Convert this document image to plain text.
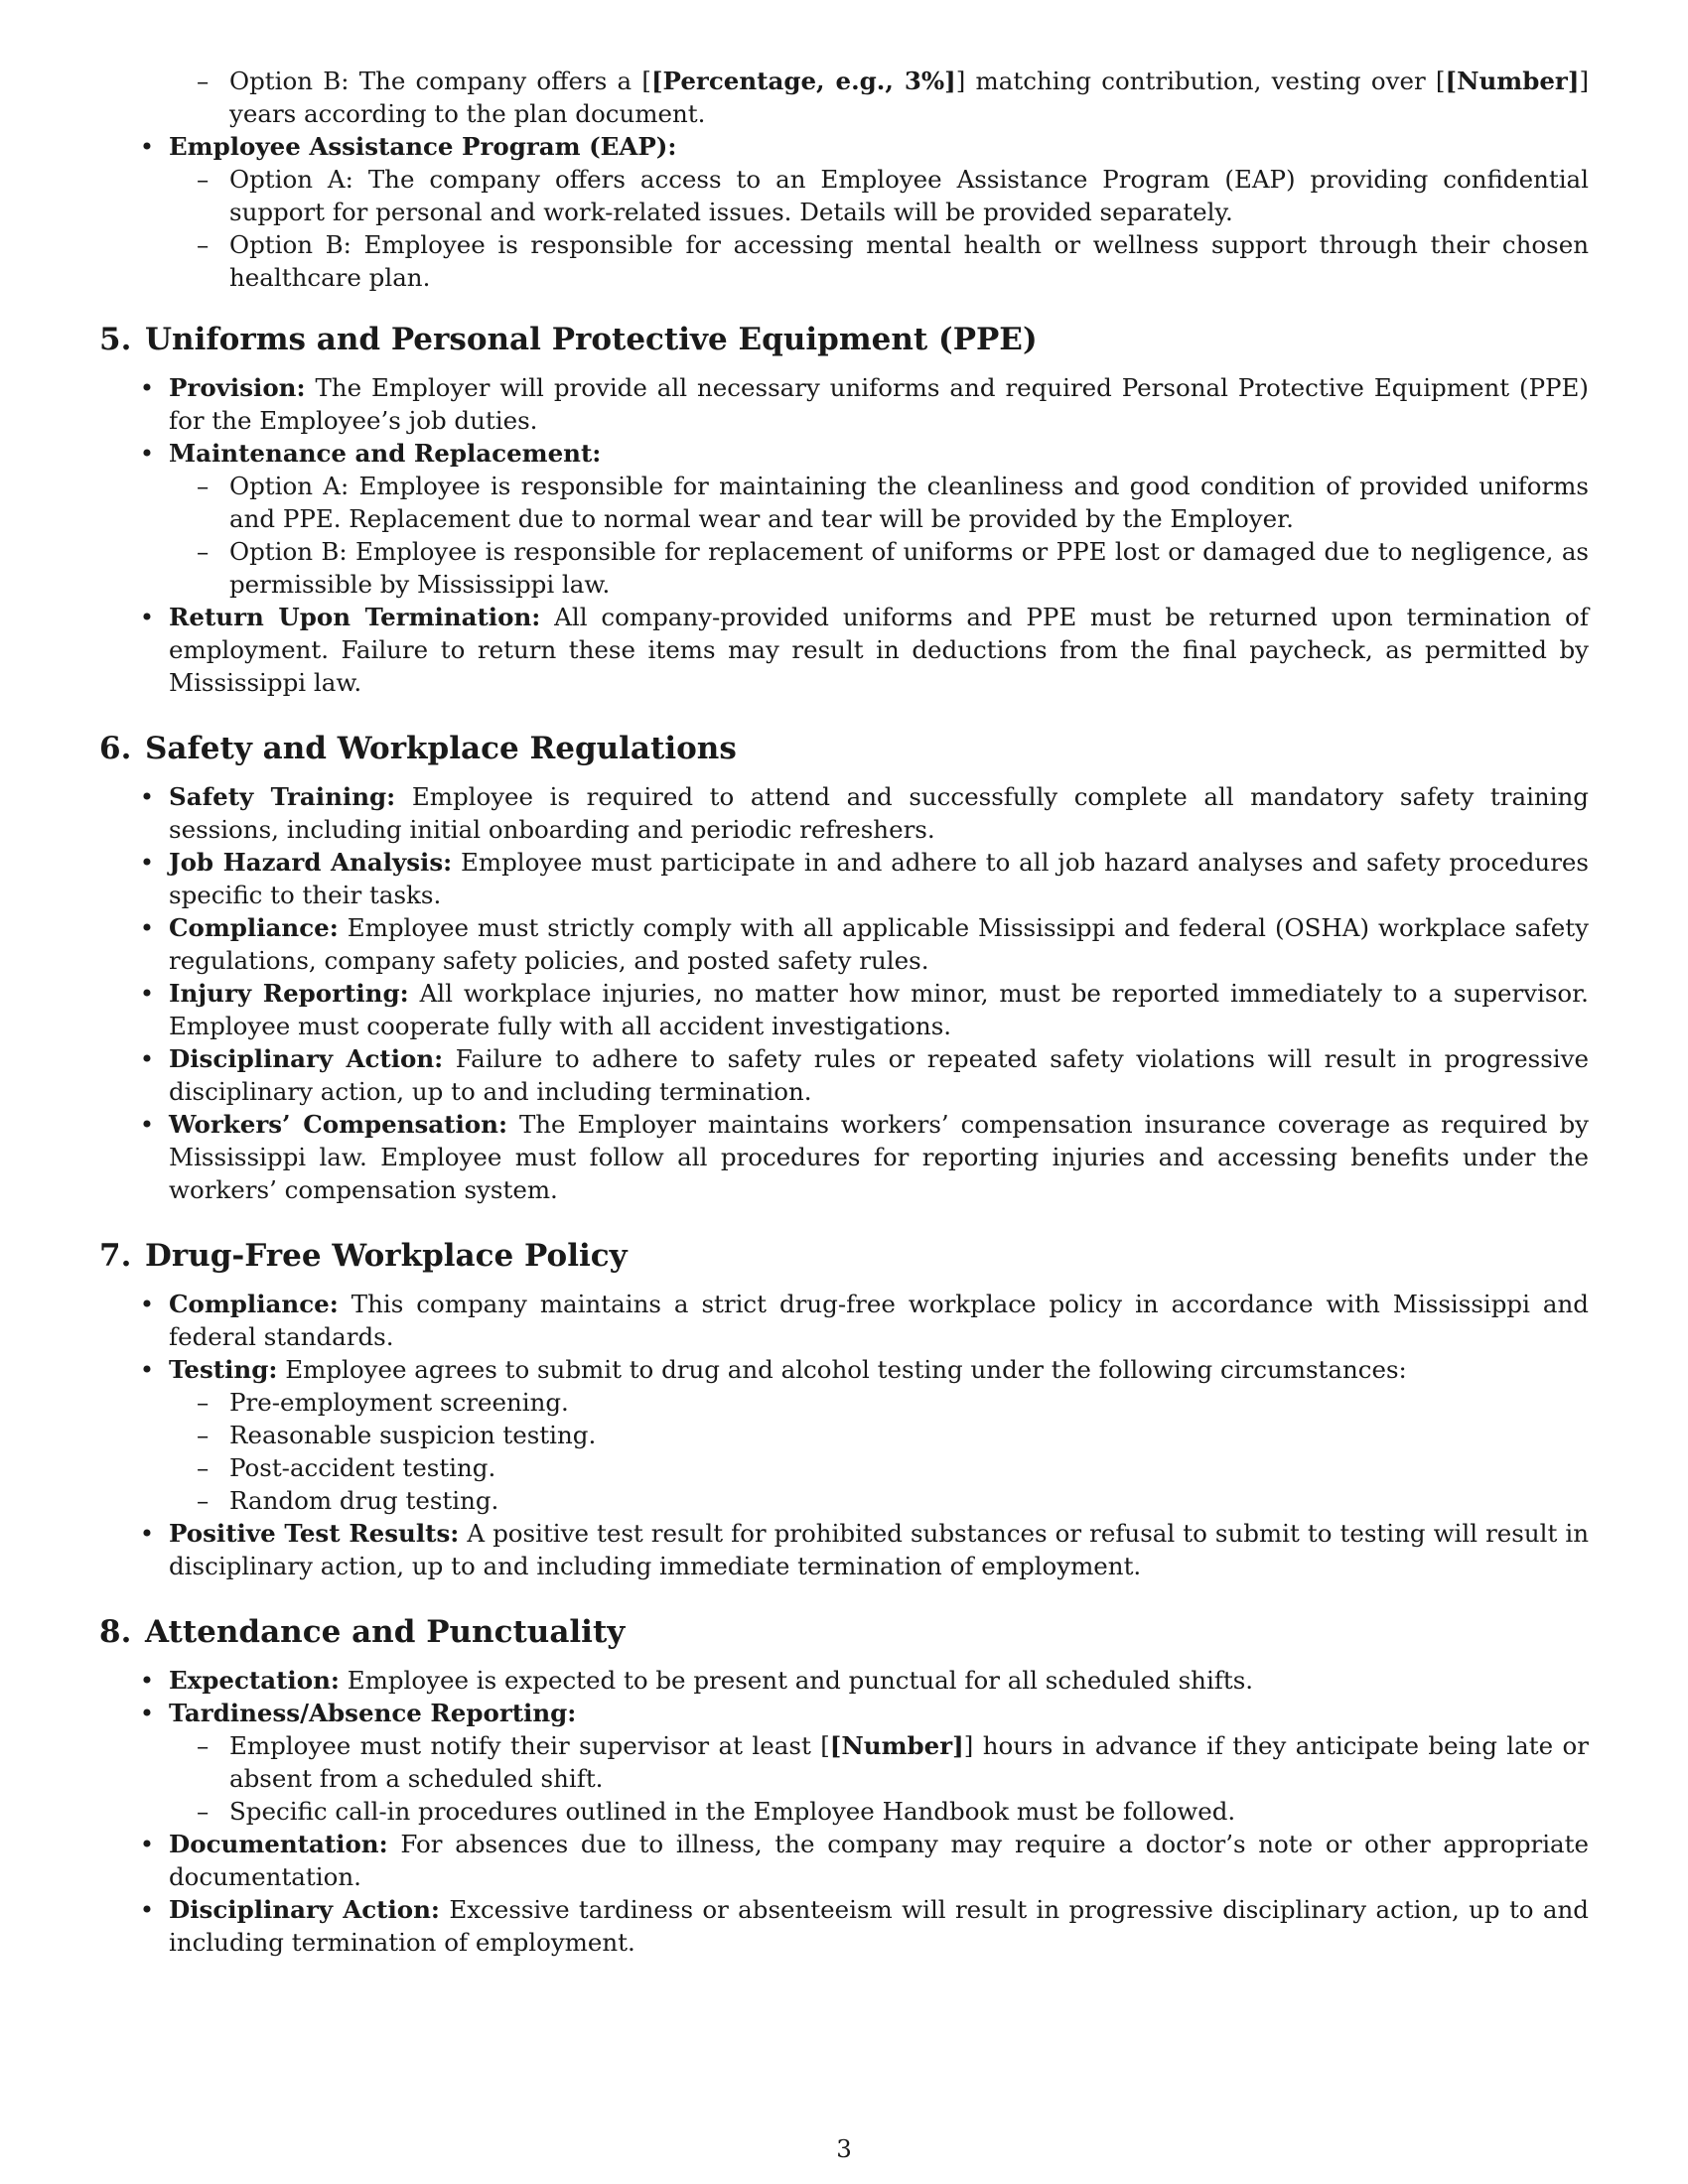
– Option B: The company offers a [[Percentage, e.g., 3%]] matching contribution, vesting over [[Number]] years according to the plan document.
• Employee Assistance Program (EAP):
– Option A: The company offers access to an Employee Assistance Program (EAP) providing confidential support for personal and work-related issues. Details will be provided separately.
– Option B: Employee is responsible for accessing mental health or wellness support through their chosen healthcare plan.
5. Uniforms and Personal Protective Equipment (PPE)
• Provision: The Employer will provide all necessary uniforms and required Personal Protective Equipment (PPE) for the Employee’s job duties.
• Maintenance and Replacement:
– Option A: Employee is responsible for maintaining the cleanliness and good condition of provided uniforms and PPE. Replacement due to normal wear and tear will be provided by the Employer.
– Option B: Employee is responsible for replacement of uniforms or PPE lost or damaged due to negligence, as permissible by Mississippi law.
• Return Upon Termination: All company-provided uniforms and PPE must be returned upon termination of employment. Failure to return these items may result in deductions from the final paycheck, as permitted by Mississippi law.
6. Safety and Workplace Regulations
• Safety Training: Employee is required to attend and successfully complete all mandatory safety training sessions, including initial onboarding and periodic refreshers.
• Job Hazard Analysis: Employee must participate in and adhere to all job hazard analyses and safety procedures specific to their tasks.
• Compliance: Employee must strictly comply with all applicable Mississippi and federal (OSHA) workplace safety regulations, company safety policies, and posted safety rules.
• Injury Reporting: All workplace injuries, no matter how minor, must be reported immediately to a supervisor. Employee must cooperate fully with all accident investigations.
• Disciplinary Action: Failure to adhere to safety rules or repeated safety violations will result in progressive disciplinary action, up to and including termination.
• Workers’ Compensation: The Employer maintains workers’ compensation insurance coverage as required by Mississippi law. Employee must follow all procedures for reporting injuries and accessing benefits under the workers’ compensation system.
7. Drug-Free Workplace Policy
• Compliance: This company maintains a strict drug-free workplace policy in accordance with Mississippi and federal standards.
• Testing: Employee agrees to submit to drug and alcohol testing under the following circumstances:
– Pre-employment screening.
– Reasonable suspicion testing.
– Post-accident testing.
– Random drug testing.
• Positive Test Results: A positive test result for prohibited substances or refusal to submit to testing will result in disciplinary action, up to and including immediate termination of employment.
8. Attendance and Punctuality
• Expectation: Employee is expected to be present and punctual for all scheduled shifts.
• Tardiness/Absence Reporting:
– Employee must notify their supervisor at least [[Number]] hours in advance if they anticipate being late or absent from a scheduled shift.
– Specific call-in procedures outlined in the Employee Handbook must be followed.
• Documentation: For absences due to illness, the company may require a doctor’s note or other appropriate documentation.
• Disciplinary Action: Excessive tardiness or absenteeism will result in progressive disciplinary action, up to and including termination of employment.
3
